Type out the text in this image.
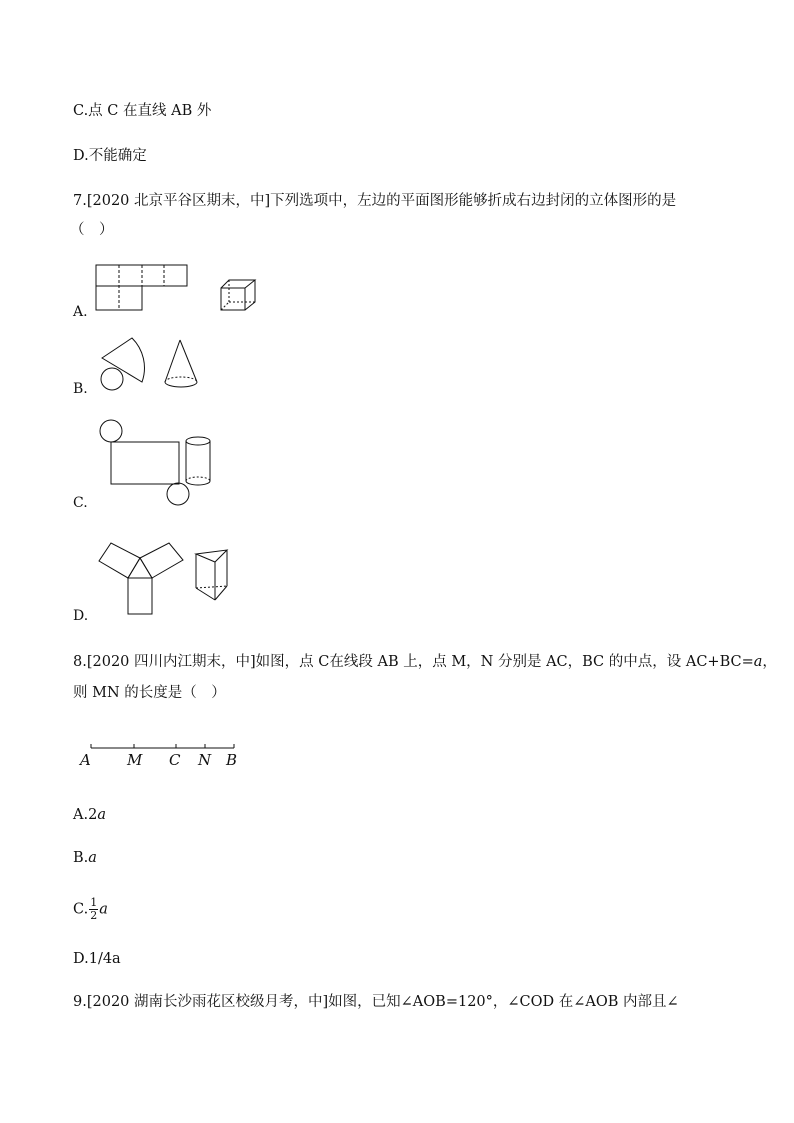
C.点 C 在直线 AB 外
D.不能确定
7.[2020 北京平谷区期末，中]下列选项中，左边的平面图形能够折成右边封闭的立体图形的是
（　）
A.
B.
C.
D.
8.[2020 四川内江期末，中]如图，点 C在线段 AB 上，点 M，N 分别是 AC，BC 的中点，设 AC+BC=a，
则 MN 的长度是（　）
A M C N B
A.2a
B.a
C. $\frac{1}{2}$ a
D.1/4a
9.[2020 湖南长沙雨花区校级月考，中]如图，已知∠AOB=120°，∠COD 在∠AOB 内部且∠
